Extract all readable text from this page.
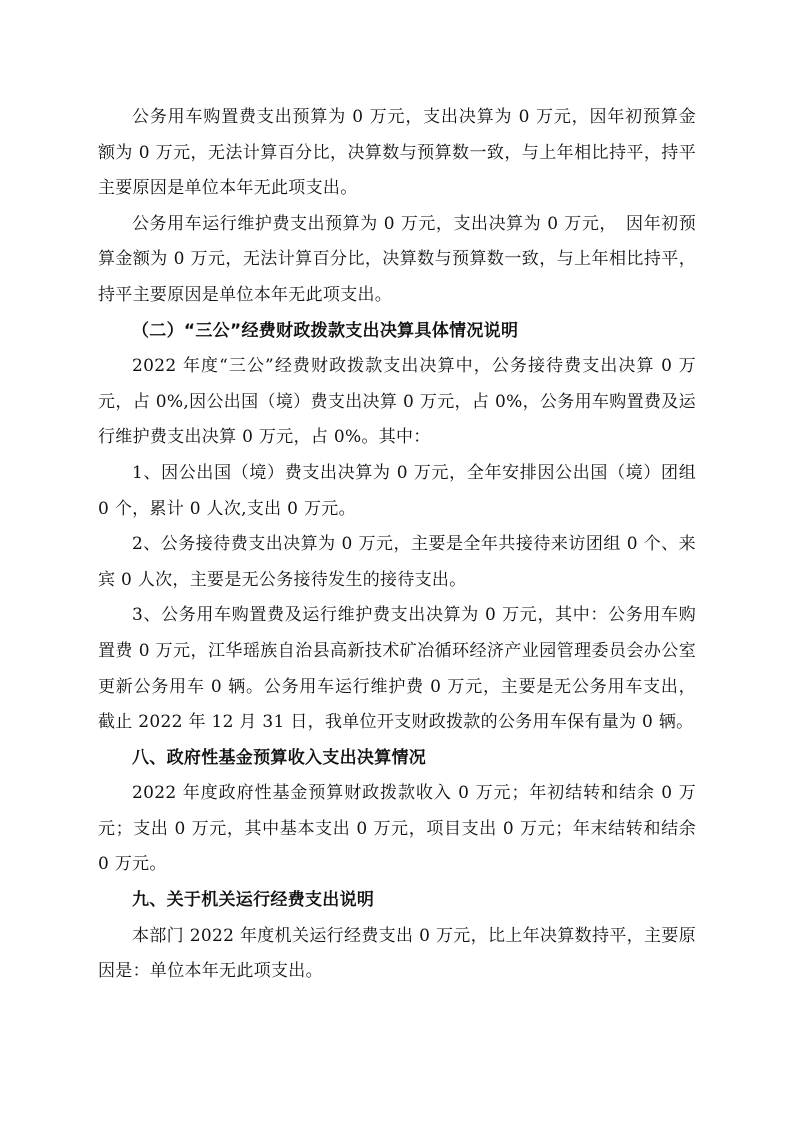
公务用车购置费支出预算为 0 万元，支出决算为 0 万元，因年初预算金额为 0 万元，无法计算百分比，决算数与预算数一致，与上年相比持平，持平主要原因是单位本年无此项支出。

公务用车运行维护费支出预算为 0 万元，支出决算为 0 万元，　因年初预算金额为 0 万元，无法计算百分比，决算数与预算数一致，与上年相比持平，持平主要原因是单位本年无此项支出。

（二）“三公”经费财政拨款支出决算具体情况说明

2022 年度“三公”经费财政拨款支出决算中，公务接待费支出决算 0 万元，占 0%,因公出国（境）费支出决算 0 万元，占 0%，公务用车购置费及运行维护费支出决算 0 万元，占 0%。其中：

1、因公出国（境）费支出决算为 0 万元，全年安排因公出国（境）团组 0 个，累计 0 人次,支出 0 万元。

2、公务接待费支出决算为 0 万元，主要是全年共接待来访团组 0 个、来宾 0 人次，主要是无公务接待发生的接待支出。

3、公务用车购置费及运行维护费支出决算为 0 万元，其中：公务用车购置费 0 万元，江华瑶族自治县高新技术矿冶循环经济产业园管理委员会办公室更新公务用车 0 辆。公务用车运行维护费 0 万元，主要是无公务用车支出，截止 2022 年 12 月 31 日，我单位开支财政拨款的公务用车保有量为 0 辆。

八、政府性基金预算收入支出决算情况

2022 年度政府性基金预算财政拨款收入 0 万元；年初结转和结余 0 万元；支出 0 万元，其中基本支出 0 万元，项目支出 0 万元；年末结转和结余 0 万元。

九、关于机关运行经费支出说明

本部门 2022 年度机关运行经费支出 0 万元，比上年决算数持平，主要原因是：单位本年无此项支出。
